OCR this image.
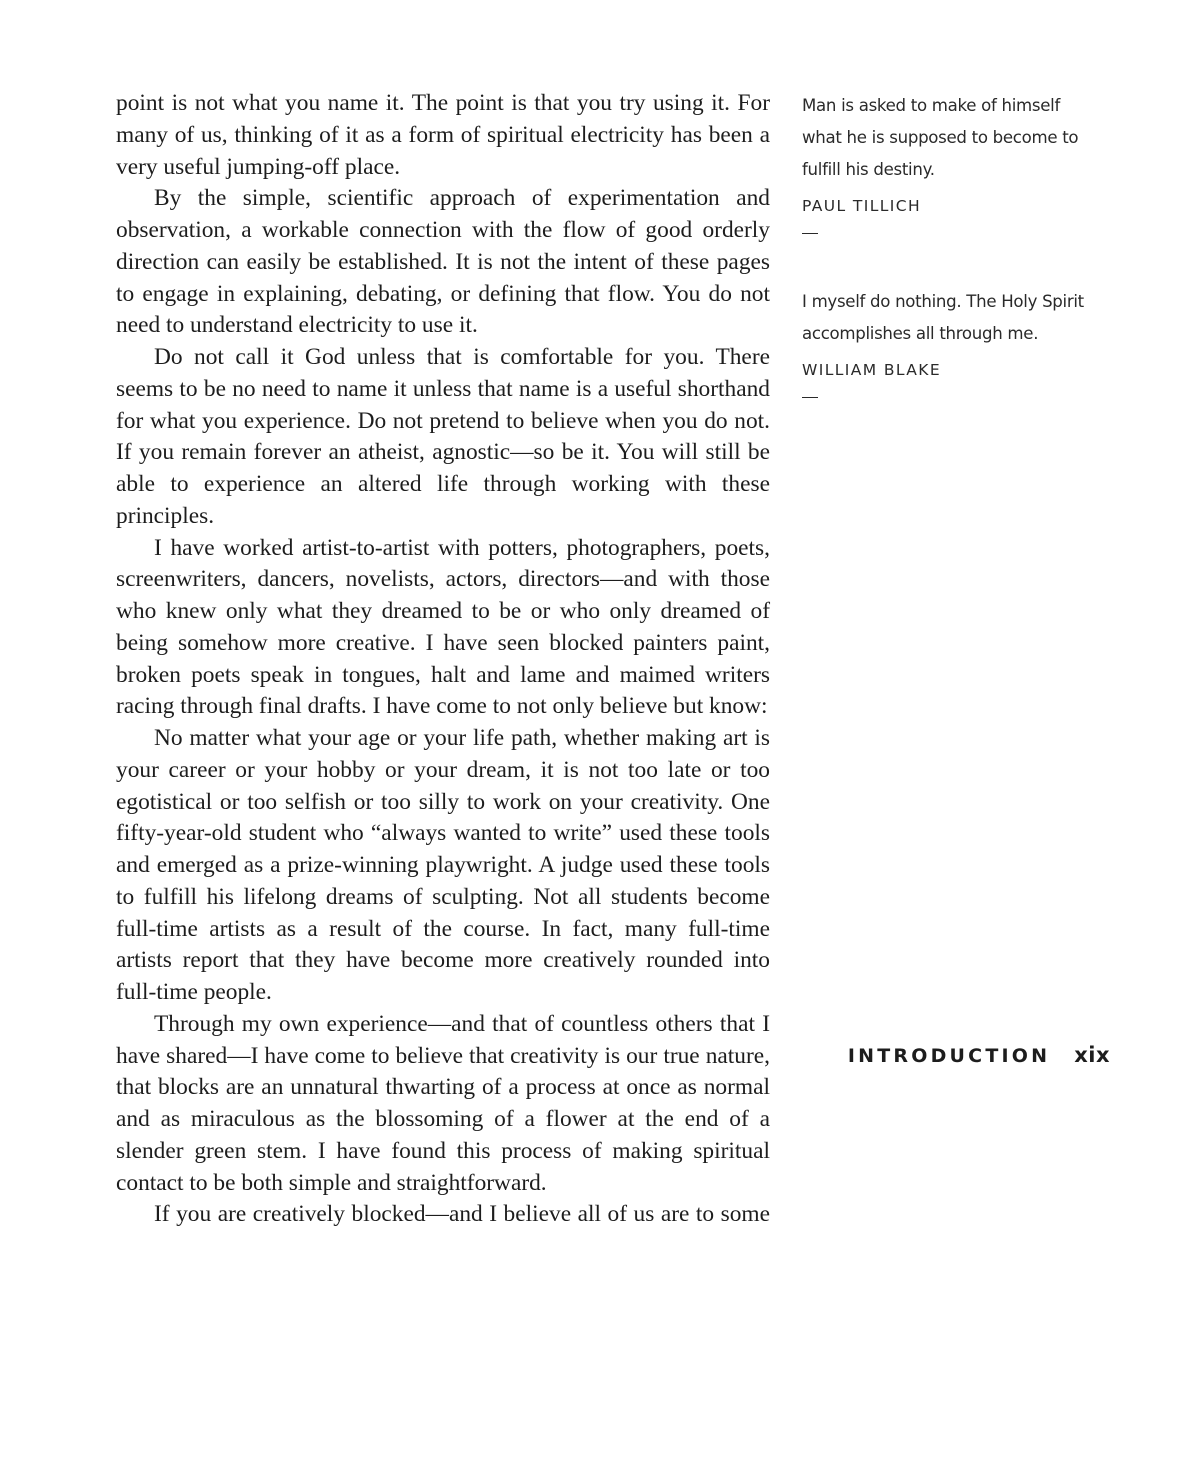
point is not what you name it. The point is that you try using it. For many of us, thinking of it as a form of spiritual electricity has been a very useful jumping-off place.

By the simple, scientific approach of experimentation and observation, a workable connection with the flow of good orderly direction can easily be established. It is not the intent of these pages to engage in explaining, debating, or defining that flow. You do not need to understand electricity to use it.

Do not call it God unless that is comfortable for you. There seems to be no need to name it unless that name is a useful shorthand for what you experience. Do not pretend to believe when you do not. If you remain forever an atheist, agnostic—so be it. You will still be able to experience an altered life through working with these principles.

I have worked artist-to-artist with potters, photographers, poets, screenwriters, dancers, novelists, actors, directors—and with those who knew only what they dreamed to be or who only dreamed of being somehow more creative. I have seen blocked painters paint, broken poets speak in tongues, halt and lame and maimed writers racing through final drafts. I have come to not only believe but know:

No matter what your age or your life path, whether making art is your career or your hobby or your dream, it is not too late or too egotistical or too selfish or too silly to work on your creativity. One fifty-year-old student who “always wanted to write” used these tools and emerged as a prize-winning playwright. A judge used these tools to fulfill his lifelong dreams of sculpting. Not all students become full-time artists as a result of the course. In fact, many full-time artists report that they have become more creatively rounded into full-time people.

Through my own experience—and that of countless others that I have shared—I have come to believe that creativity is our true nature, that blocks are an unnatural thwarting of a process at once as normal and as miraculous as the blossoming of a flower at the end of a slender green stem. I have found this process of making spiritual contact to be both simple and straightforward.

If you are creatively blocked—and I believe all of us are to some

Man is asked to make of himself what he is supposed to become to fulfill his destiny.

PAUL TILLICH

I myself do nothing. The Holy Spirit accomplishes all through me.

WILLIAM BLAKE

INTRODUCTION xix
